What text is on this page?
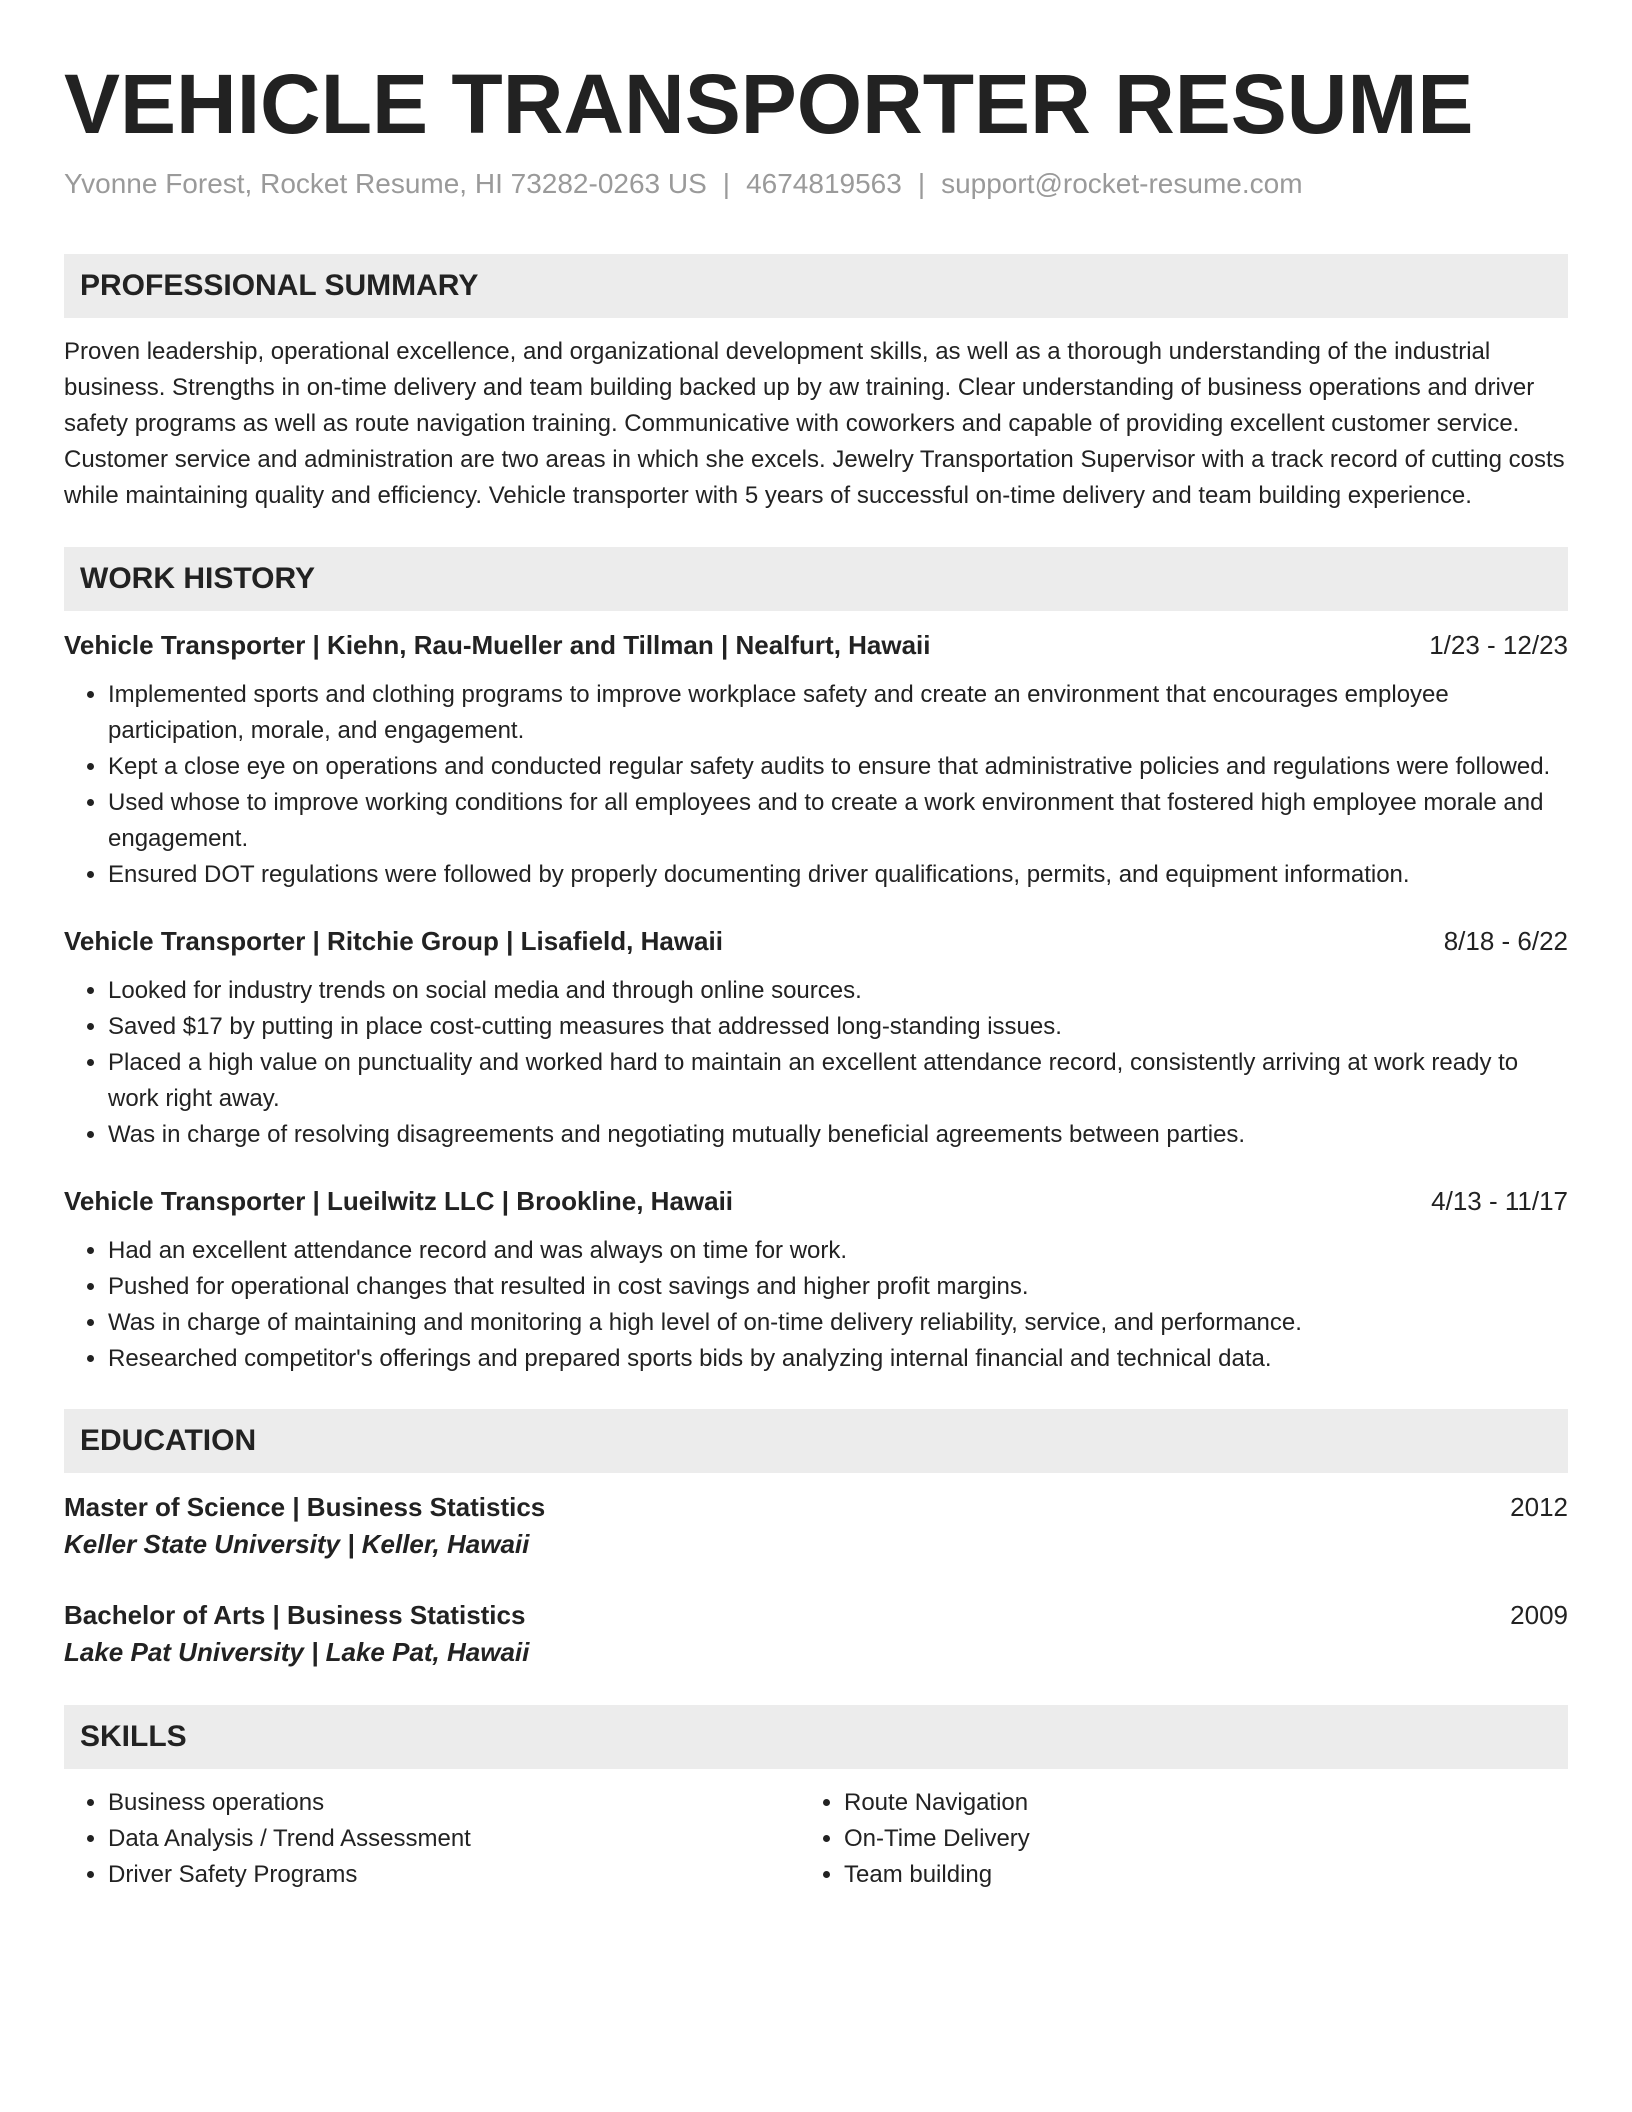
VEHICLE TRANSPORTER RESUME
Yvonne Forest, Rocket Resume, HI 73282-0263 US | 4674819563 | support@rocket-resume.com
PROFESSIONAL SUMMARY
Proven leadership, operational excellence, and organizational development skills, as well as a thorough understanding of the industrial business. Strengths in on-time delivery and team building backed up by aw training. Clear understanding of business operations and driver safety programs as well as route navigation training. Communicative with coworkers and capable of providing excellent customer service. Customer service and administration are two areas in which she excels. Jewelry Transportation Supervisor with a track record of cutting costs while maintaining quality and efficiency. Vehicle transporter with 5 years of successful on-time delivery and team building experience.
WORK HISTORY
Vehicle Transporter | Kiehn, Rau-Mueller and Tillman | Nealfurt, Hawaii	1/23 - 12/23
• Implemented sports and clothing programs to improve workplace safety and create an environment that encourages employee participation, morale, and engagement.
• Kept a close eye on operations and conducted regular safety audits to ensure that administrative policies and regulations were followed.
• Used whose to improve working conditions for all employees and to create a work environment that fostered high employee morale and engagement.
• Ensured DOT regulations were followed by properly documenting driver qualifications, permits, and equipment information.
Vehicle Transporter | Ritchie Group | Lisafield, Hawaii	8/18 - 6/22
• Looked for industry trends on social media and through online sources.
• Saved $17 by putting in place cost-cutting measures that addressed long-standing issues.
• Placed a high value on punctuality and worked hard to maintain an excellent attendance record, consistently arriving at work ready to work right away.
• Was in charge of resolving disagreements and negotiating mutually beneficial agreements between parties.
Vehicle Transporter | Lueilwitz LLC | Brookline, Hawaii	4/13 - 11/17
• Had an excellent attendance record and was always on time for work.
• Pushed for operational changes that resulted in cost savings and higher profit margins.
• Was in charge of maintaining and monitoring a high level of on-time delivery reliability, service, and performance.
• Researched competitor's offerings and prepared sports bids by analyzing internal financial and technical data.
EDUCATION
Master of Science | Business Statistics	2012
Keller State University | Keller, Hawaii
Bachelor of Arts | Business Statistics	2009
Lake Pat University | Lake Pat, Hawaii
SKILLS
• Business operations
• Data Analysis / Trend Assessment
• Driver Safety Programs
• Route Navigation
• On-Time Delivery
• Team building
